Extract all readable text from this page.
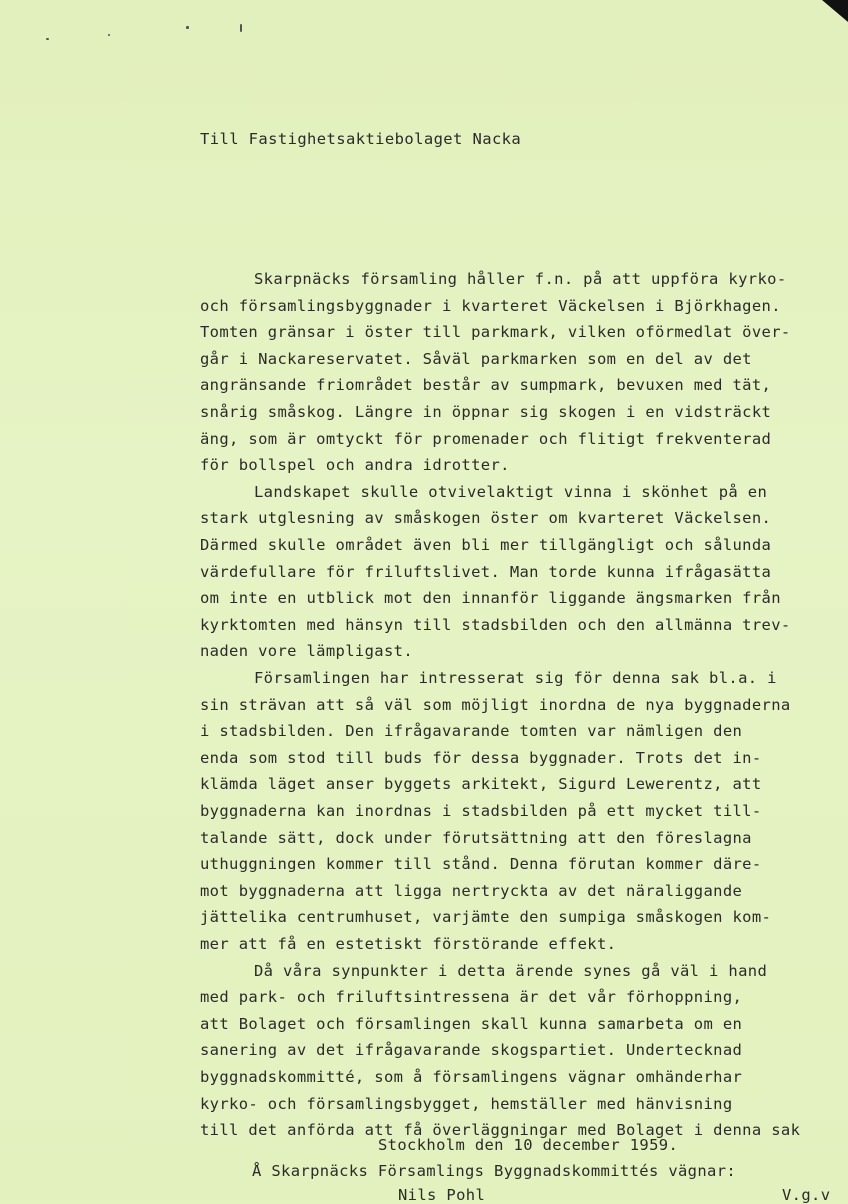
Till Fastighetsaktiebolaget Nacka
Skarpnäcks församling håller f.n. på att uppföra kyrko-
och församlingsbyggnader i kvarteret Väckelsen i Björkhagen.
Tomten gränsar i öster till parkmark, vilken oförmedlat över-
går i Nackareservatet. Såväl parkmarken som en del av det
angränsande friområdet består av sumpmark, bevuxen med tät,
snårig småskog. Längre in öppnar sig skogen i en vidsträckt
äng, som är omtyckt för promenader och flitigt frekventerad
för bollspel och andra idrotter.
Landskapet skulle otvivelaktigt vinna i skönhet på en
stark utglesning av småskogen öster om kvarteret Väckelsen.
Därmed skulle området även bli mer tillgängligt och sålunda
värdefullare för friluftslivet. Man torde kunna ifrågasätta
om inte en utblick mot den innanför liggande ängsmarken från
kyrktomten med hänsyn till stadsbilden och den allmänna trev-
naden vore lämpligast.
Församlingen har intresserat sig för denna sak bl.a. i
sin strävan att så väl som möjligt inordna de nya byggnaderna
i stadsbilden. Den ifrågavarande tomten var nämligen den
enda som stod till buds för dessa byggnader. Trots det in-
klämda läget anser byggets arkitekt, Sigurd Lewerentz, att
byggnaderna kan inordnas i stadsbilden på ett mycket till-
talande sätt, dock under förutsättning att den föreslagna
uthuggningen kommer till stånd. Denna förutan kommer däre-
mot byggnaderna att ligga nertryckta av det näraliggande
jättelika centrumhuset, varjämte den sumpiga småskogen kom-
mer att få en estetiskt förstörande effekt.
Då våra synpunkter i detta ärende synes gå väl i hand
med park- och friluftsintressena är det vår förhoppning,
att Bolaget och församlingen skall kunna samarbeta om en
sanering av det ifrågavarande skogspartiet. Undertecknad
byggnadskommitté, som å församlingens vägnar omhänderhar
kyrko- och församlingsbygget, hemställer med hänvisning
till det anförda att få överläggningar med Bolaget i denna sak
Stockholm den 10 december 1959.
Å Skarpnäcks Församlings Byggnadskommittés vägnar:
Nils Pohl	V.g.v
